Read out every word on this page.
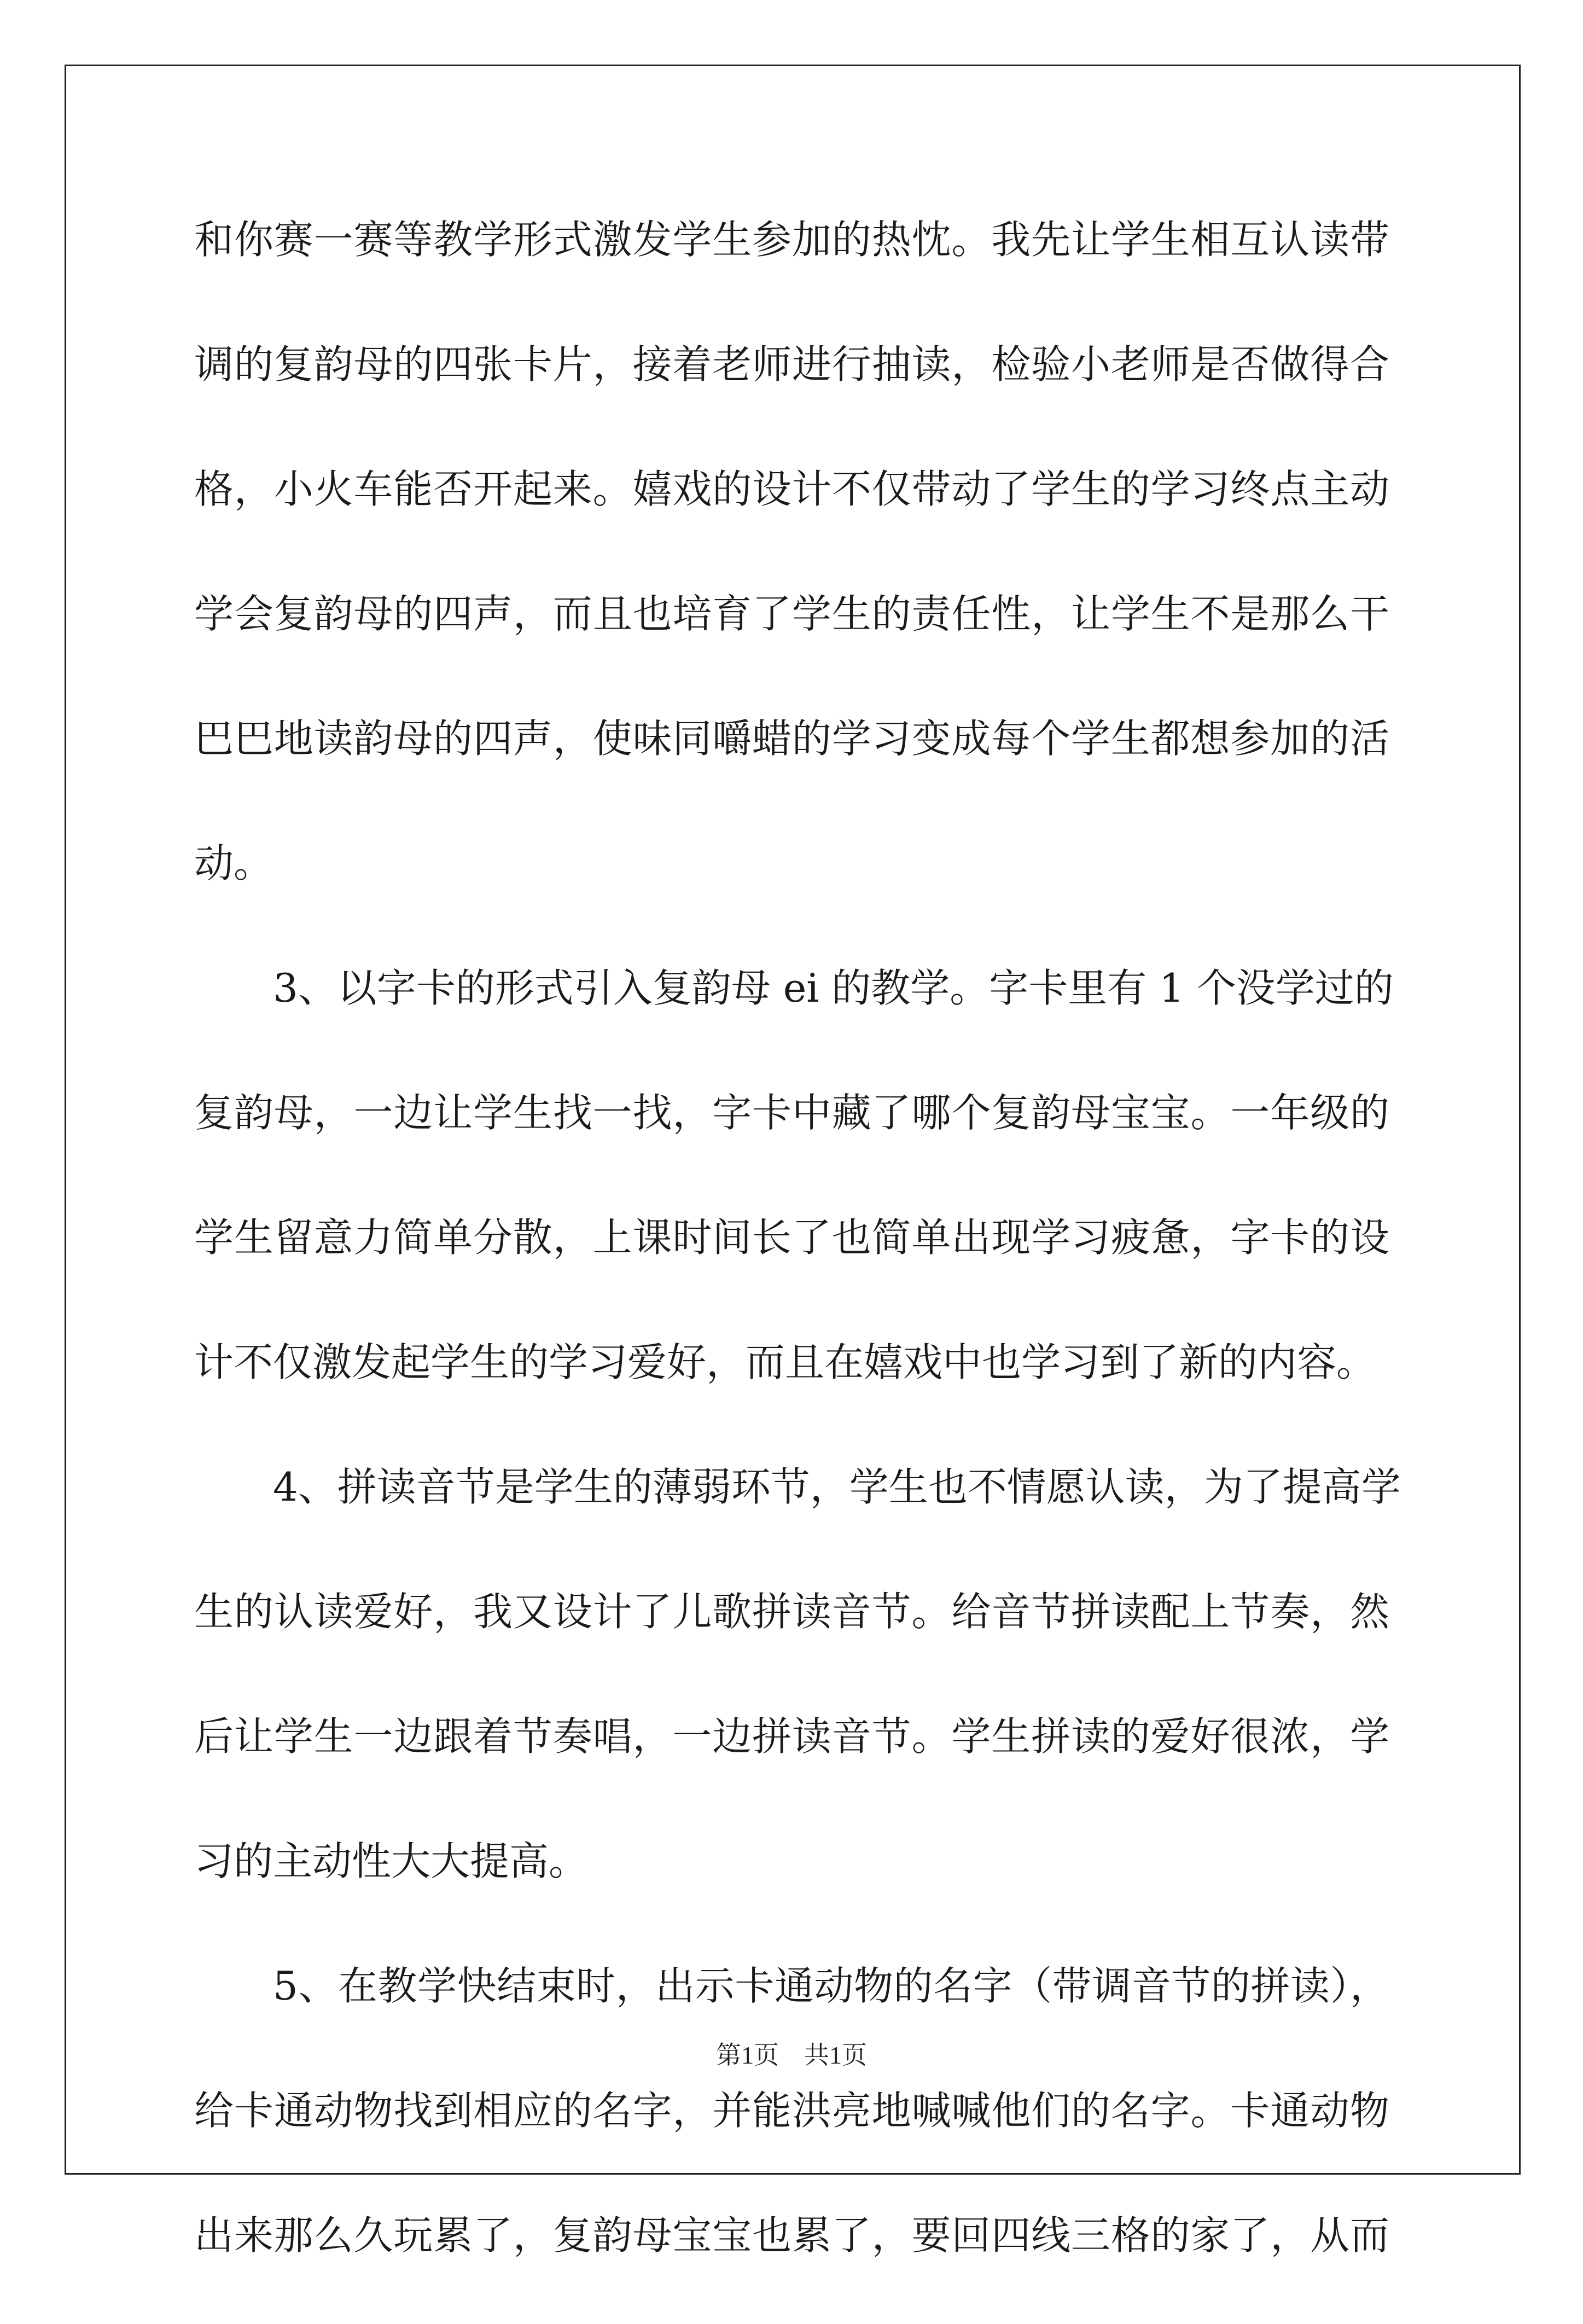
和你赛一赛等教学形式激发学生参加的热忱。我先让学生相互认读带
调的复韵母的四张卡片，接着老师进行抽读，检验小老师是否做得合
格，小火车能否开起来。嬉戏的设计不仅带动了学生的学习终点主动
学会复韵母的四声，而且也培育了学生的责任性，让学生不是那么干
巴巴地读韵母的四声，使味同嚼蜡的学习变成每个学生都想参加的活
动。
3、以字卡的形式引入复韵母 ei 的教学。字卡里有 1 个没学过的
复韵母，一边让学生找一找，字卡中藏了哪个复韵母宝宝。一年级的
学生留意力简单分散，上课时间长了也简单出现学习疲惫，字卡的设
计不仅激发起学生的学习爱好，而且在嬉戏中也学习到了新的内容。
4、拼读音节是学生的薄弱环节，学生也不情愿认读，为了提高学
生的认读爱好，我又设计了儿歌拼读音节。给音节拼读配上节奏，然
后让学生一边跟着节奏唱，一边拼读音节。学生拼读的爱好很浓，学
习的主动性大大提高。
5、在教学快结束时，出示卡通动物的名字（带调音节的拼读），
给卡通动物找到相应的名字，并能洪亮地喊喊他们的名字。卡通动物
出来那么久玩累了，复韵母宝宝也累了，要回四线三格的家了，从而
第1页　共1页
